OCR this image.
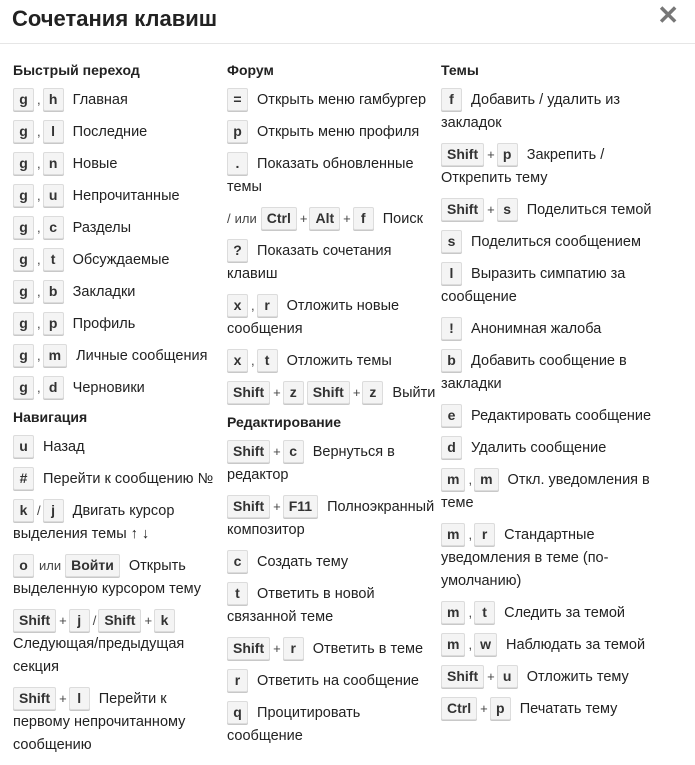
Сочетания клавиш	✕
Быстрый переход
g , h Главная
g , l Последние
g , n Новые
g , u Непрочитанные
g , c Разделы
g , t Обсуждаемые
g , b Закладки
g , p Профиль
g , m Личные сообщения
g , d Черновики
Навигация
u Назад
# Перейти к сообщению №
k / j Двигать курсор выделения темы ↑ ↓
o или Войти Открыть выделенную курсором тему
Shift + j / Shift + k Следующая/предыдущая секция
Shift + l Перейти к первому непрочитанному сообщению
Форум
= Открыть меню гамбургер
p Открыть меню профиля
. Показать обновленные темы
/ или Ctrl + Alt + f Поиск
? Показать сочетания клавиш
x , r Отложить новые сообщения
x , t Отложить темы
Shift + z Shift + z Выйти
Редактирование
Shift + c Вернуться в редактор
Shift + F11 Полноэкранный композитор
c Создать тему
t Ответить в новой связанной теме
Shift + r Ответить в теме
r Ответить на сообщение
q Процитировать сообщение
Темы
f Добавить / удалить из закладок
Shift + p Закрепить / Открепить тему
Shift + s Поделиться темой
s Поделиться сообщением
l Выразить симпатию за сообщение
! Анонимная жалоба
b Добавить сообщение в закладки
e Редактировать сообщение
d Удалить сообщение
m , m Откл. уведомления в теме
m , r Стандартные уведомления в теме (по-умолчанию)
m , t Следить за темой
m , w Наблюдать за темой
Shift + u Отложить тему
Ctrl + p Печатать тему
